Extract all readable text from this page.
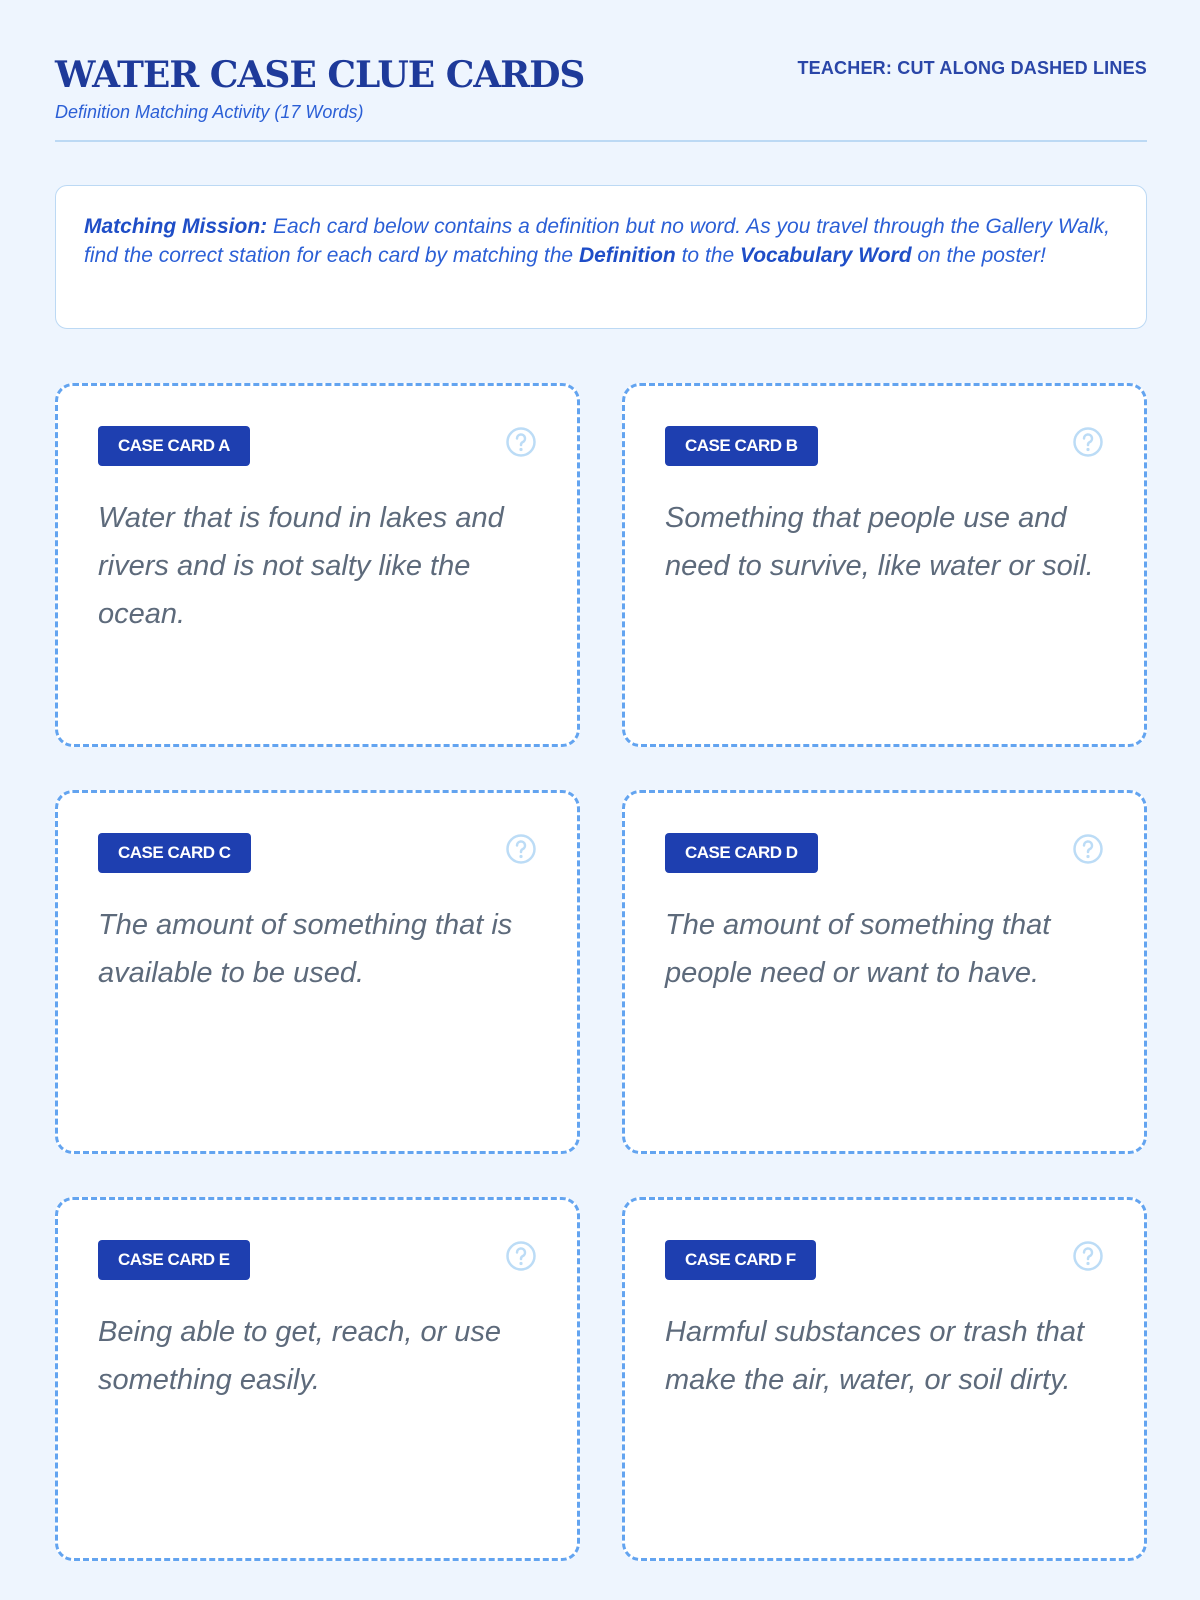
WATER CASE CLUE CARDS
Definition Matching Activity (17 Words)
TEACHER: CUT ALONG DASHED LINES
Matching Mission: Each card below contains a definition but no word. As you travel through the Gallery Walk, find the correct station for each card by matching the Definition to the Vocabulary Word on the poster!
CASE CARD A
Water that is found in lakes and rivers and is not salty like the ocean.
CASE CARD B
Something that people use and need to survive, like water or soil.
CASE CARD C
The amount of something that is available to be used.
CASE CARD D
The amount of something that people need or want to have.
CASE CARD E
Being able to get, reach, or use something easily.
CASE CARD F
Harmful substances or trash that make the air, water, or soil dirty.
